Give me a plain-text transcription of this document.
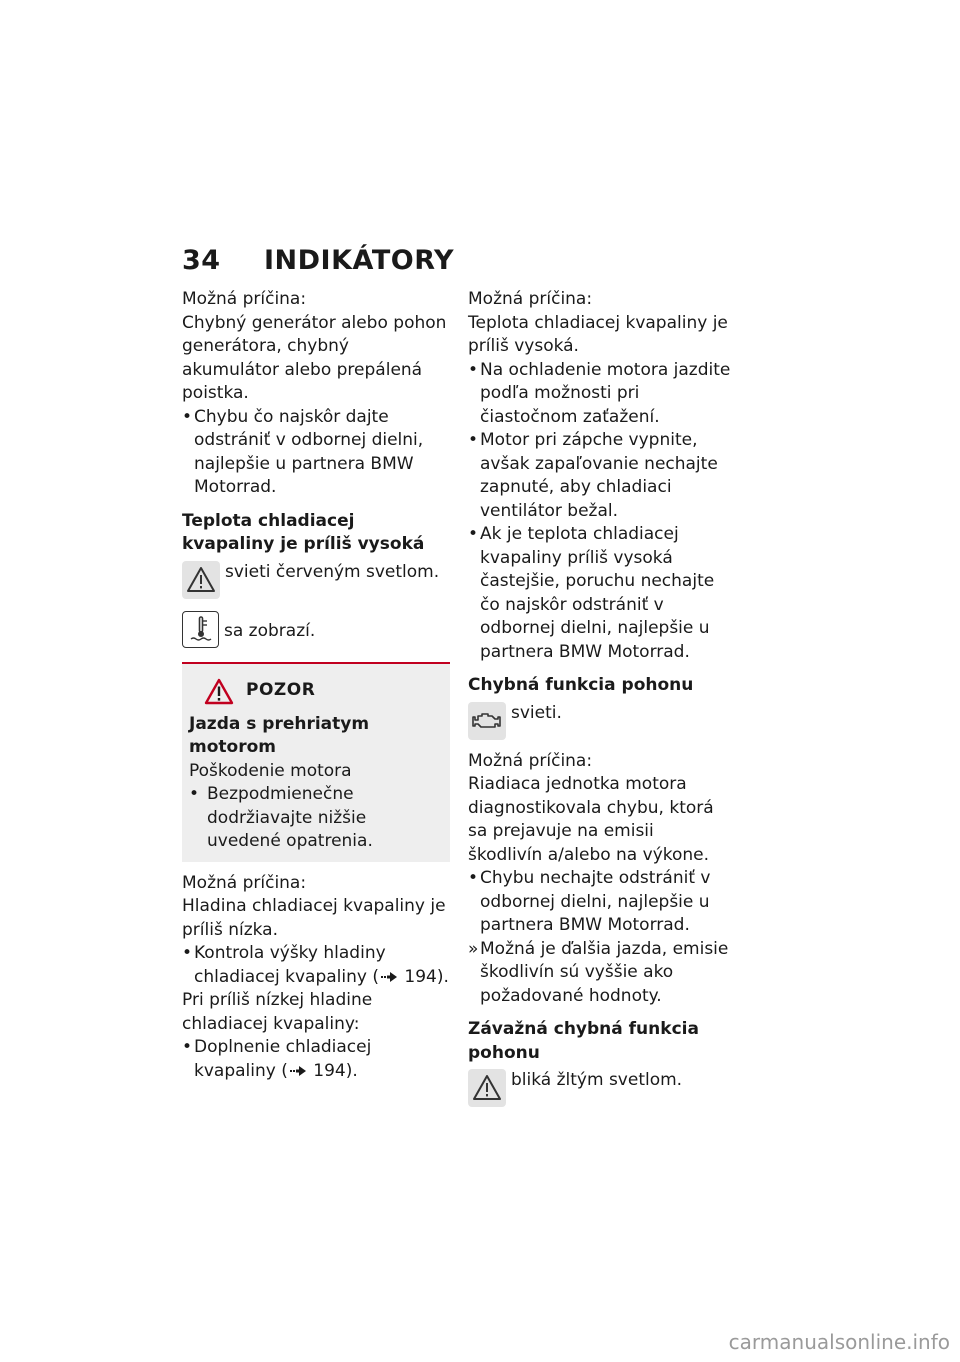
34 INDIKÁTORY

Možná príčina:

Chybný generátor alebo pohon generátora, chybný akumulátor alebo prepálená poistka.

• Chybu čo najskôr dajte odstrániť v odbornej dielni, najlepšie u partnera BMW Motorrad.

Teplota chladiacej kvapaliny je príliš vysoká

svieti červeným svetlom.
sa zobrazí.
POZOR

Jazda s prehriatym motorom

Poškodenie motora

• Bezpodmienečne dodržiavajte nižšie uvedené opatrenia.

Možná príčina:

Hladina chladiacej kvapaliny je príliš nízka.

• Kontrola výšky hladiny chladiacej kvapaliny ( 194).

Pri príliš nízkej hladine chladiacej kvapaliny:

• Doplnenie chladiacej kvapaliny ( 194).

Možná príčina:

Teplota chladiacej kvapaliny je príliš vysoká.

• Na ochladenie motora jazdite podľa možnosti pri čiastočnom zaťažení.

• Motor pri zápche vypnite, avšak zapaľovanie nechajte zapnuté, aby chladiaci ventilátor bežal.

• Ak je teplota chladiacej kvapaliny príliš vysoká častejšie, poruchu nechajte čo najskôr odstrániť v odbornej dielni, najlepšie u partnera BMW Motorrad.

Chybná funkcia pohonu

svieti.

Možná príčina:

Riadiaca jednotka motora diagnostikovala chybu, ktorá sa prejavuje na emisii škodlivín a/alebo na výkone.

• Chybu nechajte odstrániť v odbornej dielni, najlepšie u partnera BMW Motorrad.

» Možná je ďalšia jazda, emisie škodlivín sú vyššie ako požadované hodnoty.

Závažná chybná funkcia pohonu

bliká žltým svetlom.
carmanualsonline.info
